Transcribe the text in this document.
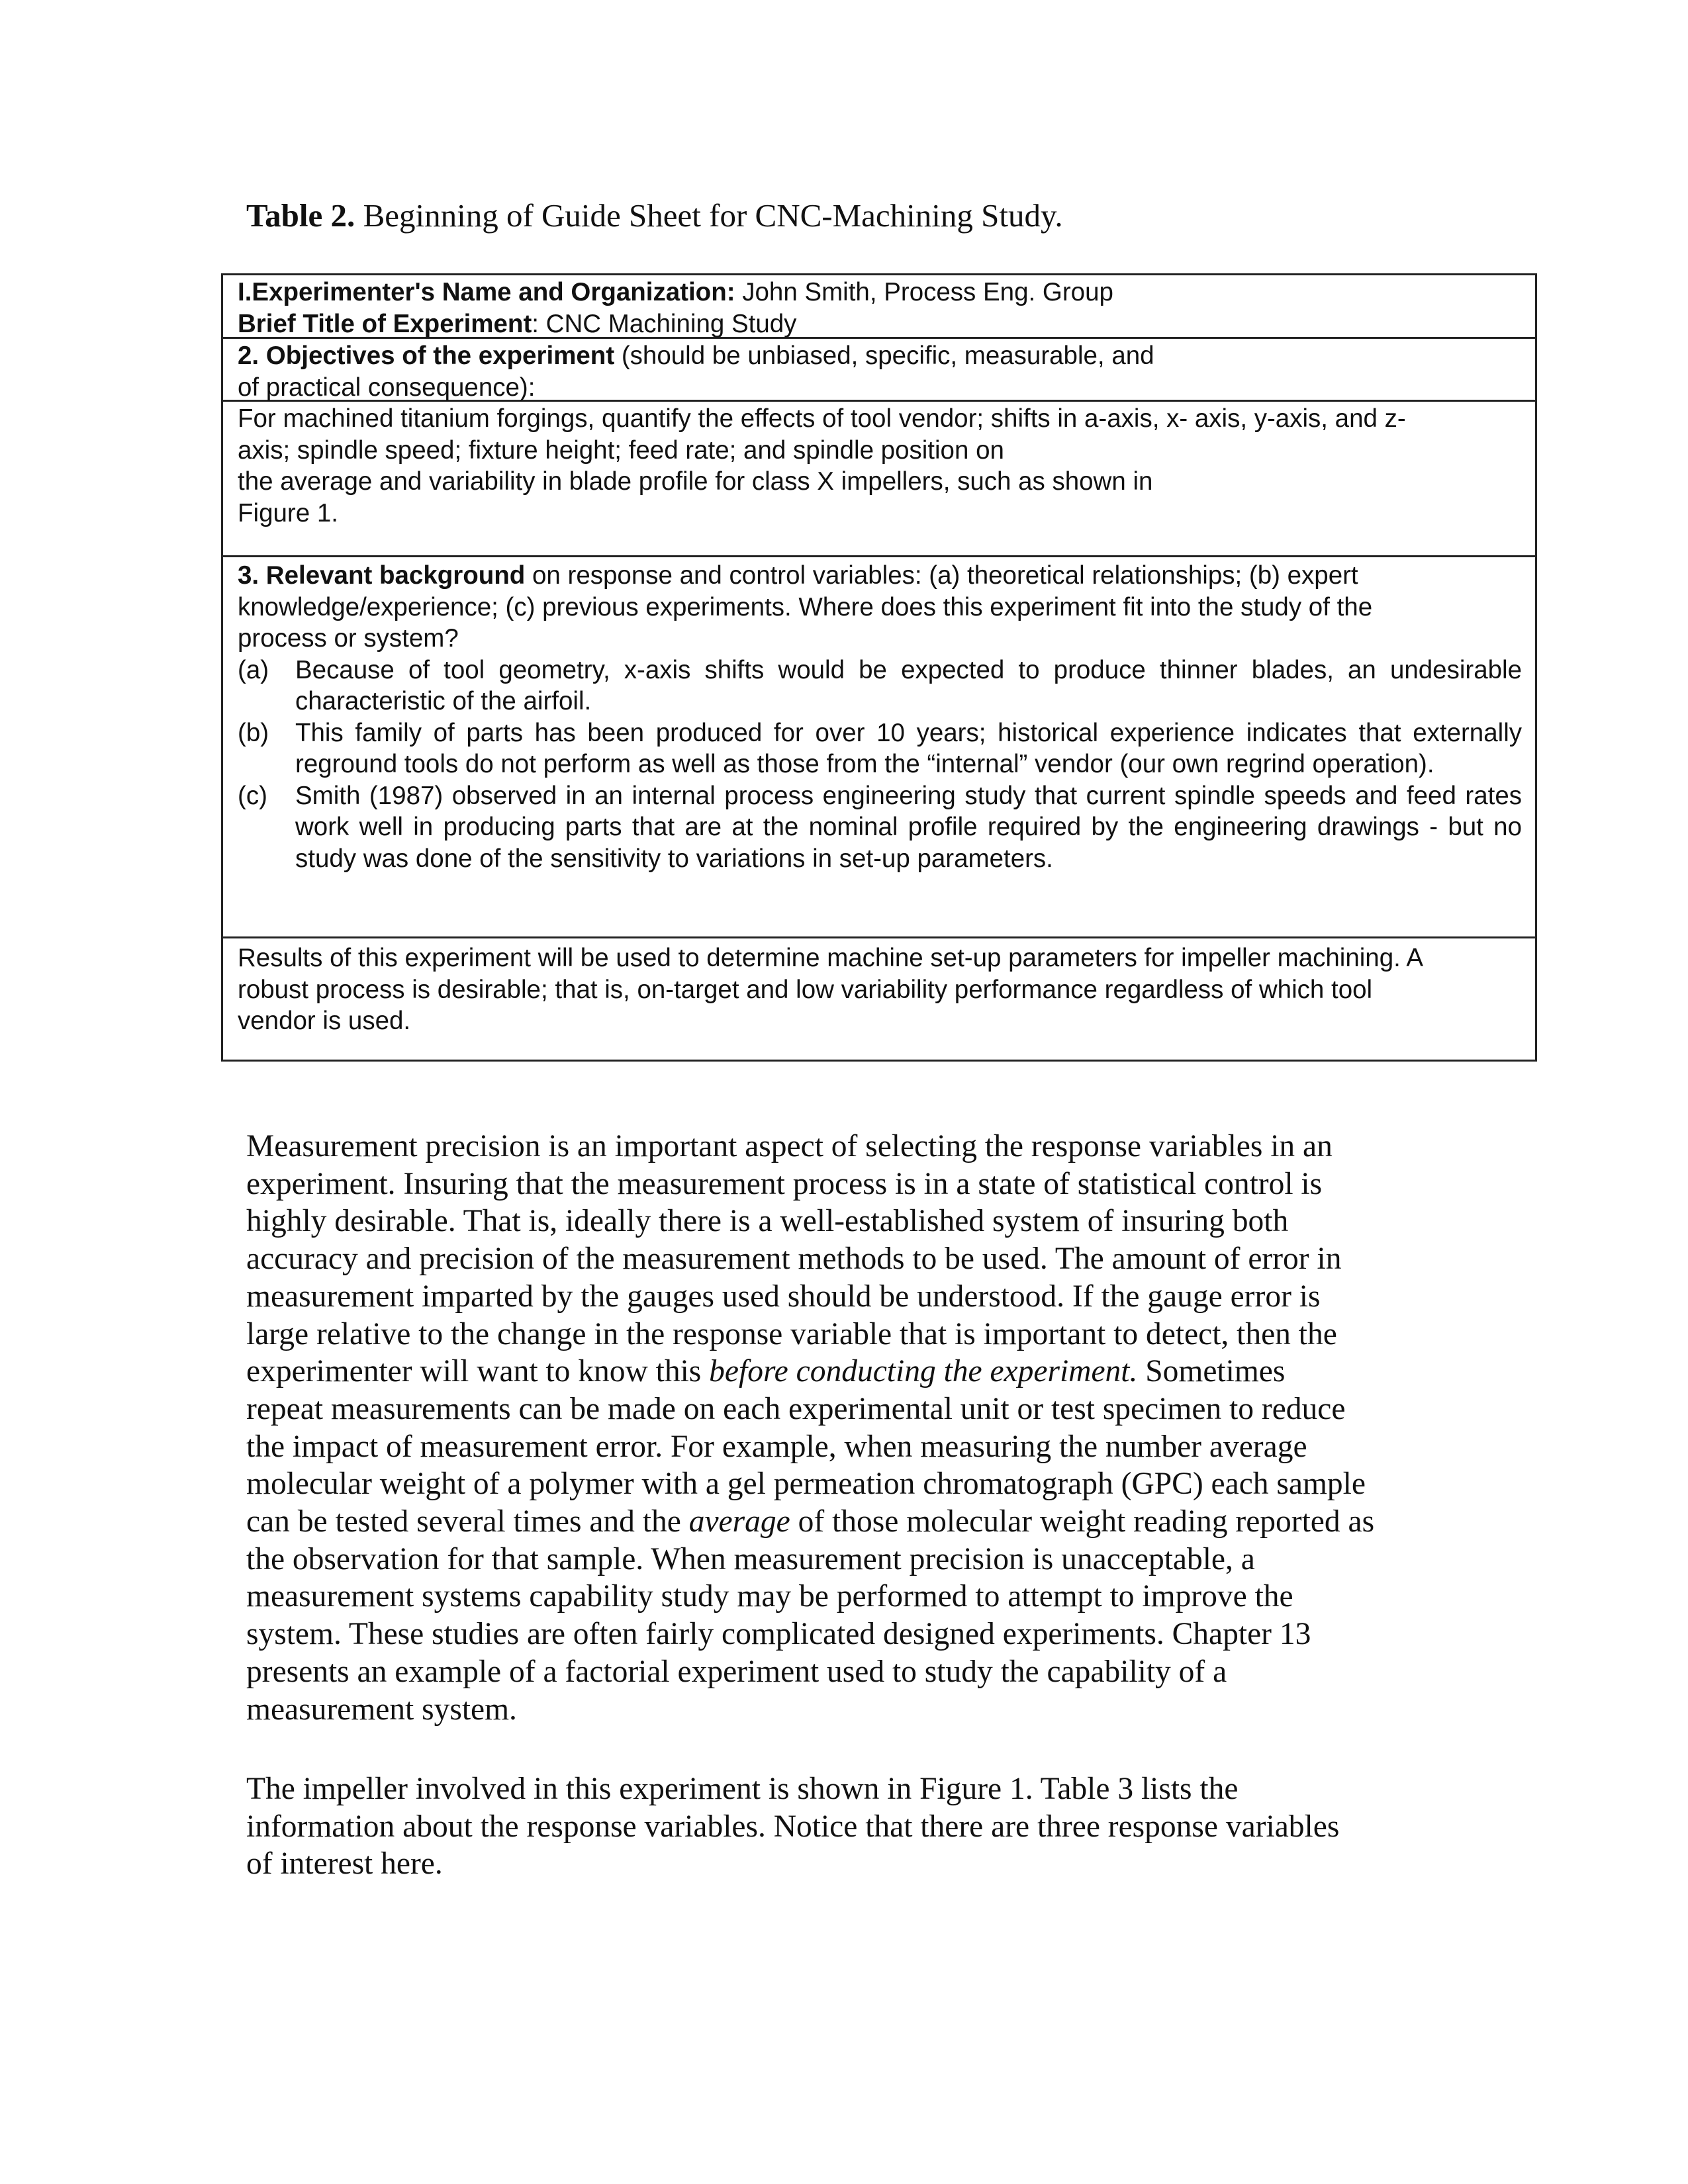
Table 2. Beginning of Guide Sheet for CNC-Machining Study.
I.Experimenter's Name and Organization: John Smith, Process Eng. Group
Brief Title of Experiment: CNC Machining Study
2. Objectives of the experiment (should be unbiased, specific, measurable, and
of practical consequence):
For machined titanium forgings, quantify the effects of tool vendor; shifts in a-axis, x- axis, y-axis, and z-
axis; spindle speed; fixture height; feed rate; and spindle position on
the average and variability in blade profile for class X impellers, such as shown in
Figure 1.
3. Relevant background on response and control variables: (a) theoretical relationships; (b) expert
knowledge/experience; (c) previous experiments. Where does this experiment fit into the study of the
process or system?
(a) Because of tool geometry, x-axis shifts would be expected to produce thinner blades, an undesirable characteristic of the airfoil.
(b) This family of parts has been produced for over 10 years; historical experience indicates that externally reground tools do not perform as well as those from the “internal” vendor (our own regrind operation).
(c) Smith (1987) observed in an internal process engineering study that current spindle speeds and feed rates work well in producing parts that are at the nominal profile required by the engineering drawings - but no study was done of the sensitivity to variations in set-up parameters.
Results of this experiment will be used to determine machine set-up parameters for impeller machining. A
robust process is desirable; that is, on-target and low variability performance regardless of which tool
vendor is used.
Measurement precision is an important aspect of selecting the response variables in an
experiment. Insuring that the measurement process is in a state of statistical control is
highly desirable. That is, ideally there is a well-established system of insuring both
accuracy and precision of the measurement methods to be used. The amount of error in
measurement imparted by the gauges used should be understood. If the gauge error is
large relative to the change in the response variable that is important to detect, then the
experimenter will want to know this before conducting the experiment. Sometimes
repeat measurements can be made on each experimental unit or test specimen to reduce
the impact of measurement error. For example, when measuring the number average
molecular weight of a polymer with a gel permeation chromatograph (GPC) each sample
can be tested several times and the average of those molecular weight reading reported as
the observation for that sample. When measurement precision is unacceptable, a
measurement systems capability study may be performed to attempt to improve the
system. These studies are often fairly complicated designed experiments. Chapter 13
presents an example of a factorial experiment used to study the capability of a
measurement system.
The impeller involved in this experiment is shown in Figure 1. Table 3 lists the
information about the response variables. Notice that there are three response variables
of interest here.
